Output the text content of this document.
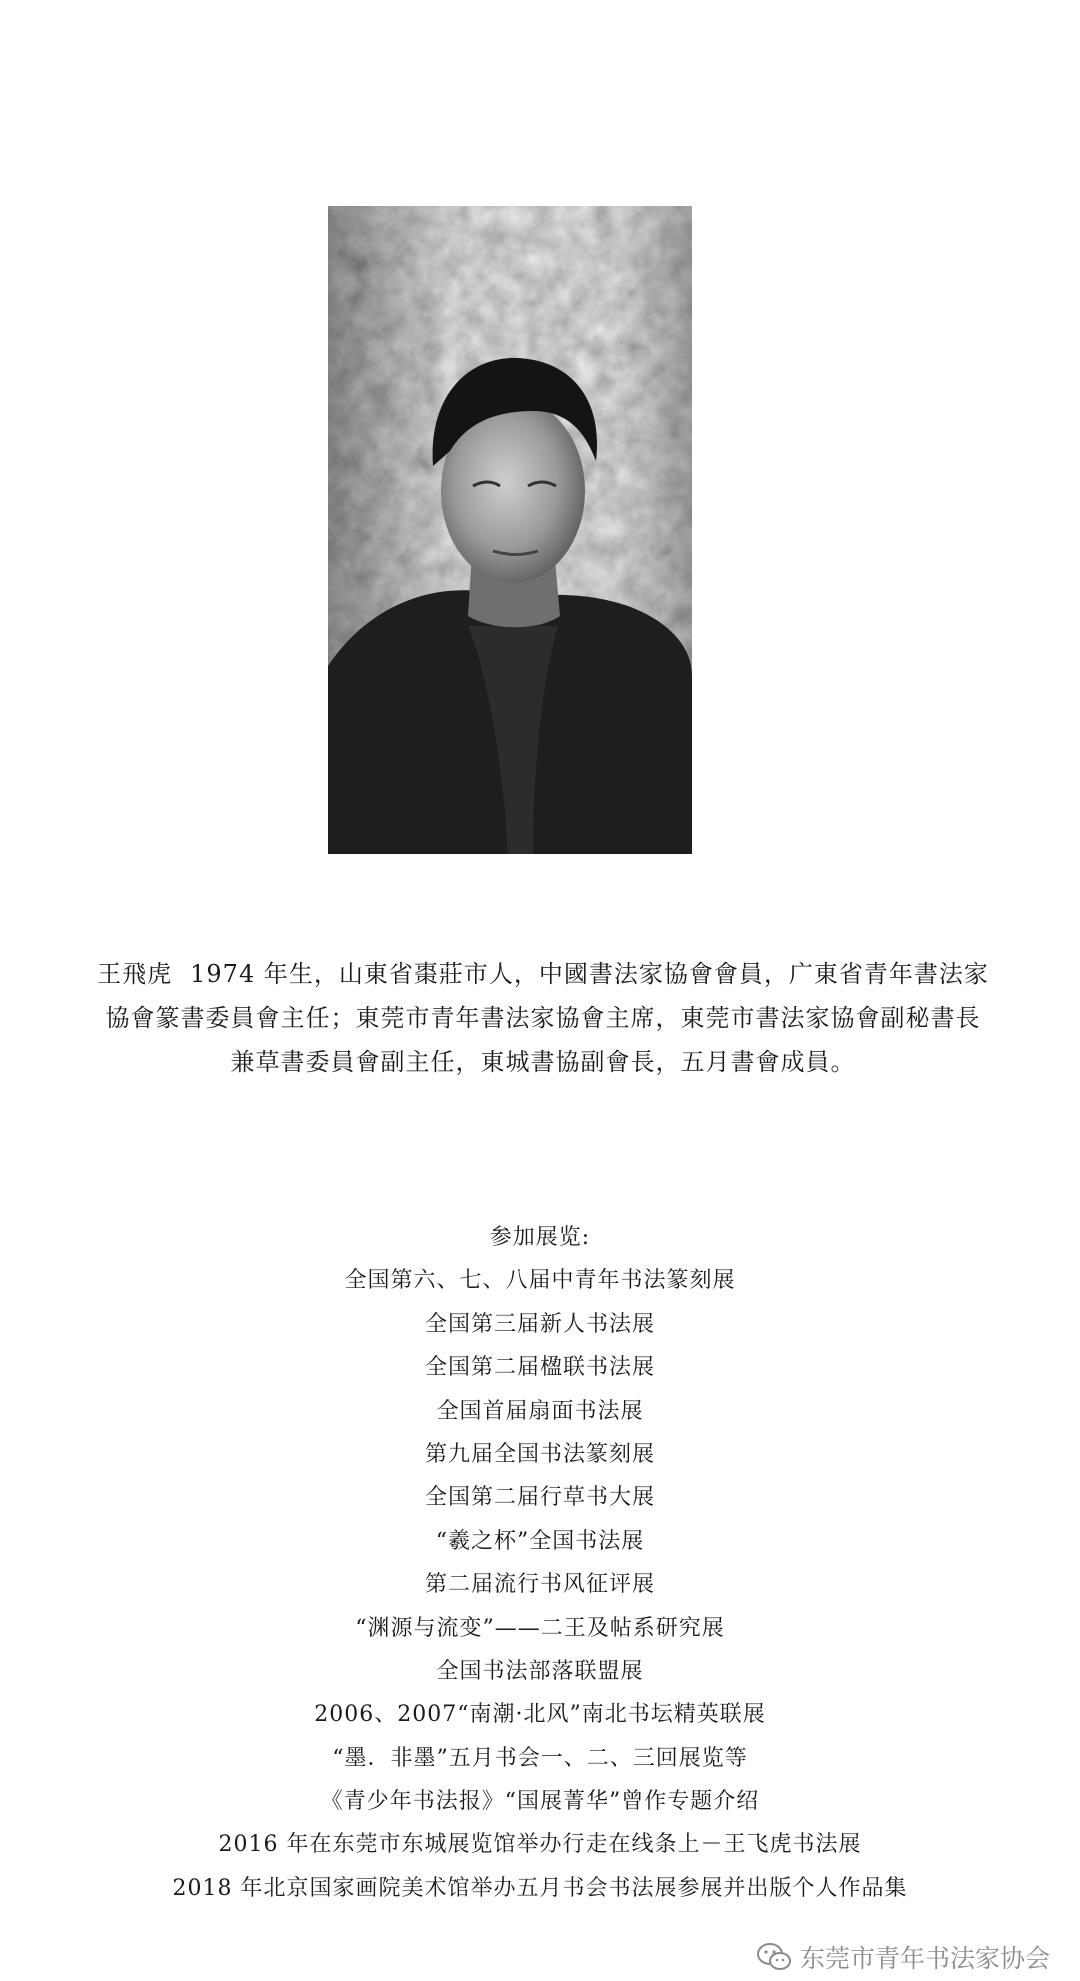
王飛虎 1974 年生，山東省棗莊市人，中國書法家協會會員，广東省青年書法家
協會篆書委員會主任；東莞市青年書法家協會主席，東莞市書法家協會副秘書長
兼草書委員會副主任，東城書協副會長，五月書會成員。
参加展览:
全国第六、七、八届中青年书法篆刻展
全国第三届新人书法展
全国第二届楹联书法展
全国首届扇面书法展
第九届全国书法篆刻展
全国第二届行草书大展
“羲之杯”全国书法展
第二届流行书风征评展
“渊源与流变”——二王及帖系研究展
全国书法部落联盟展
2006、2007“南潮·北风”南北书坛精英联展
“墨．非墨”五月书会一、二、三回展览等
《青少年书法报》“国展菁华”曾作专题介绍
2016 年在东莞市东城展览馆举办行走在线条上－王飞虎书法展
2018 年北京国家画院美术馆举办五月书会书法展参展并出版个人作品集
东莞市青年书法家协会
